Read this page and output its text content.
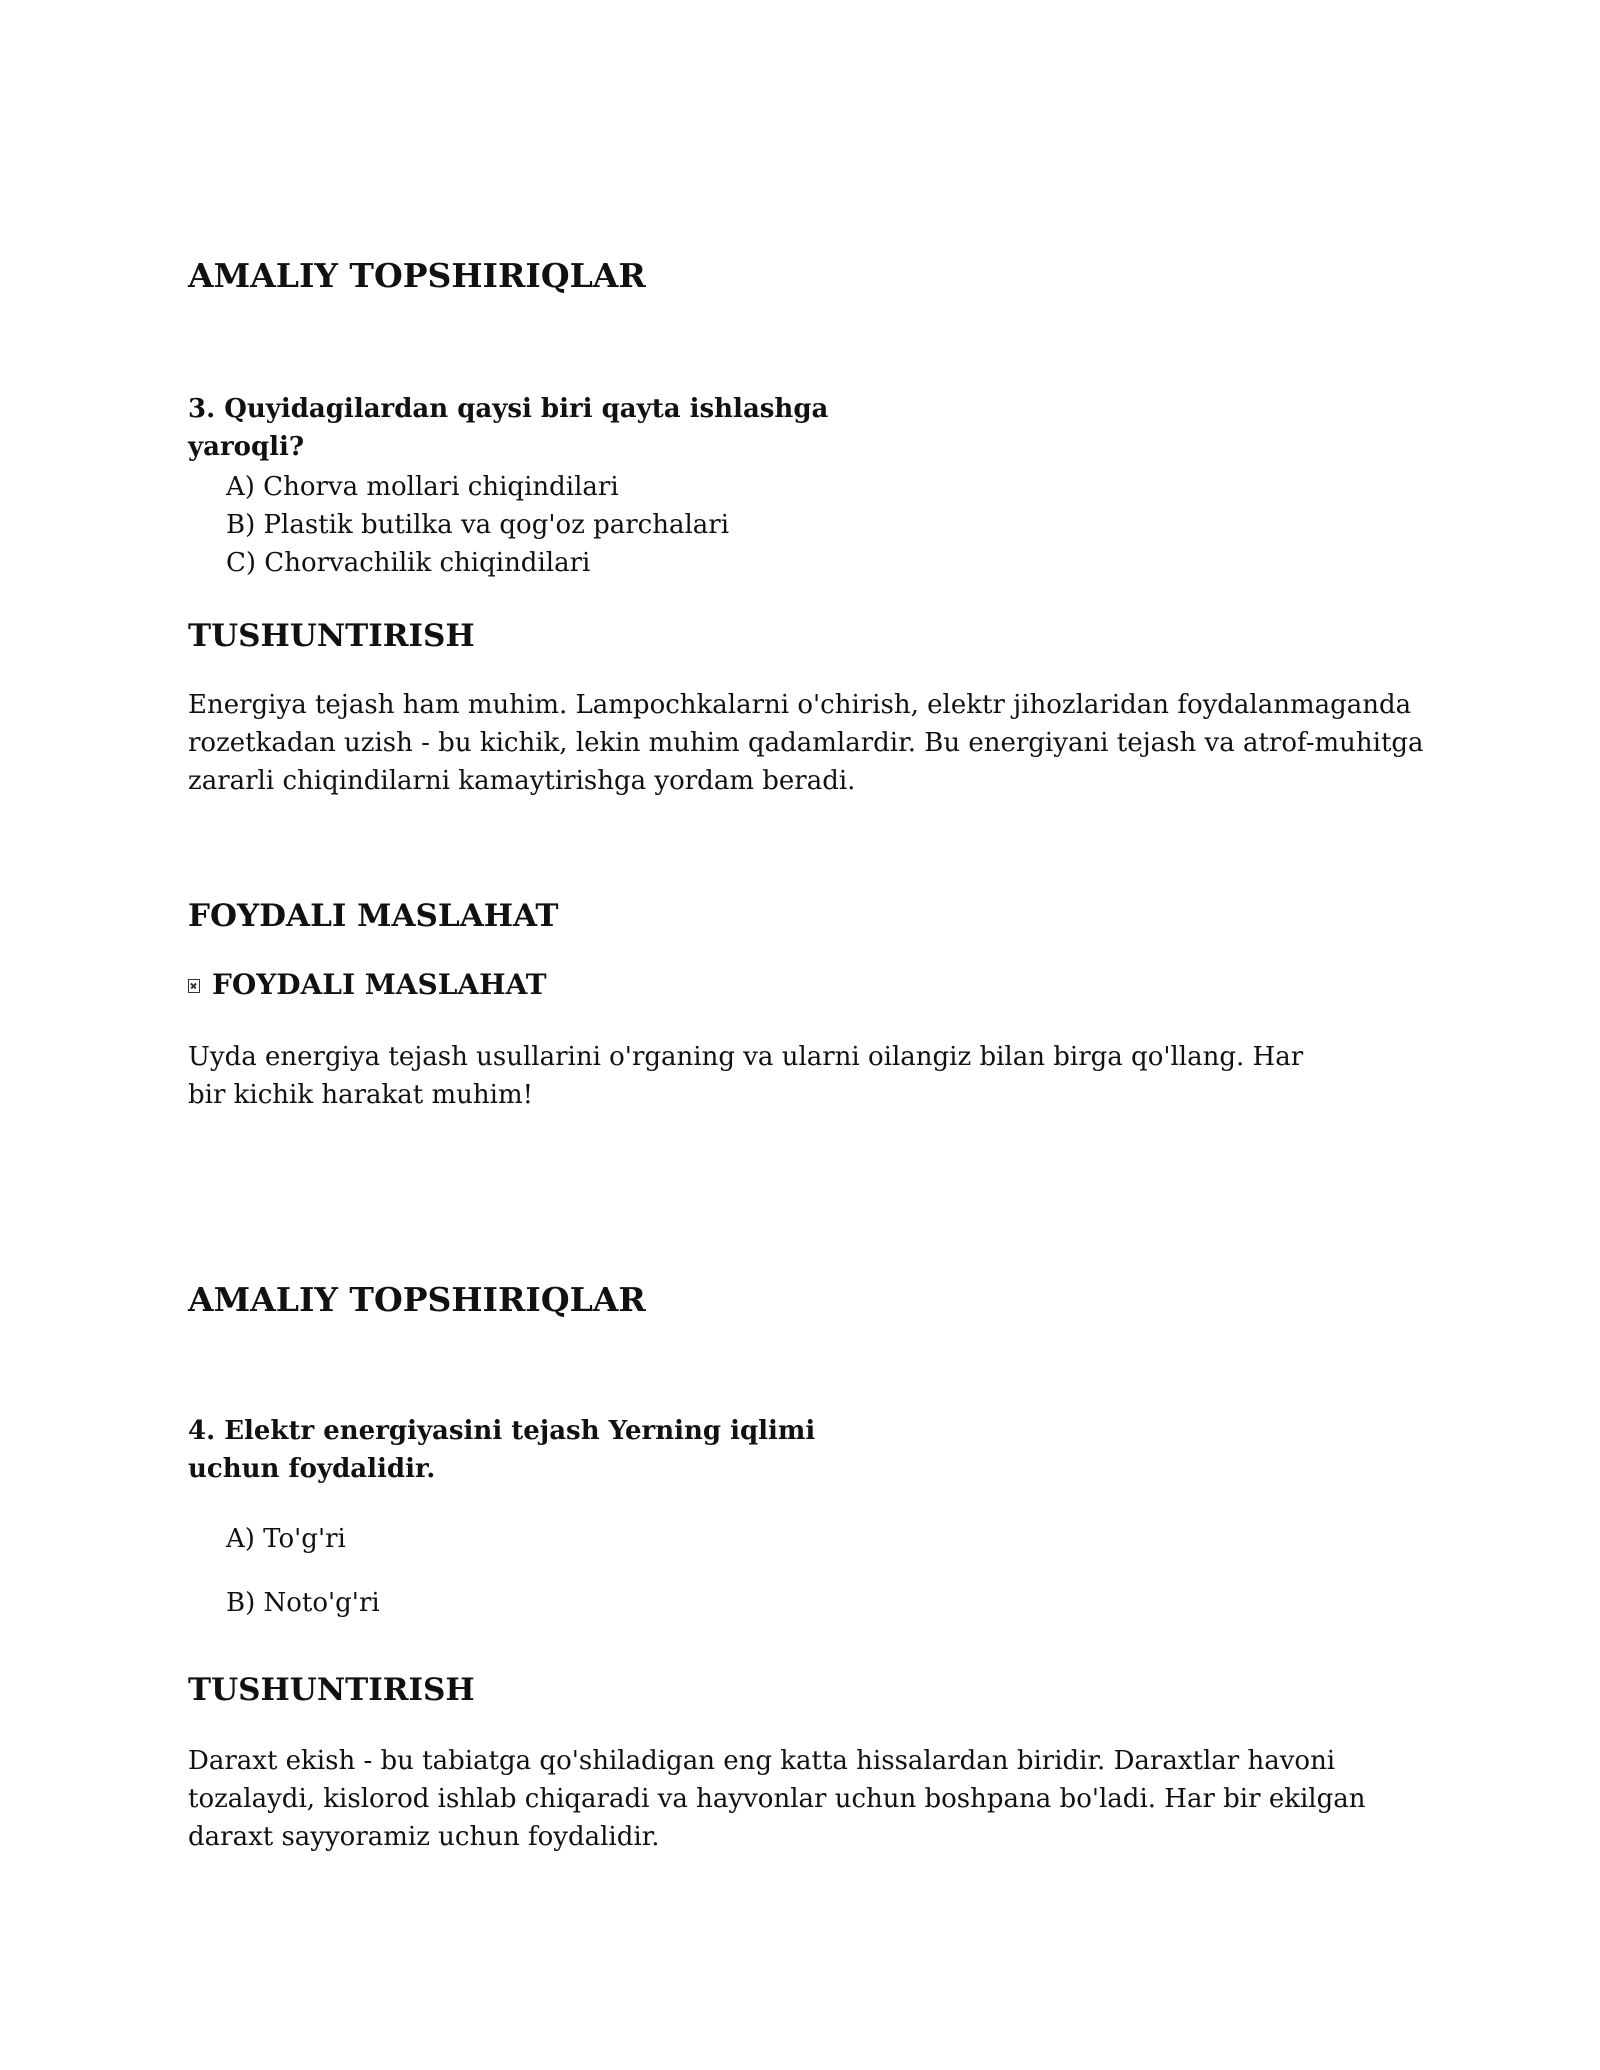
AMALIY TOPSHIRIQLAR
3. Quyidagilardan qaysi biri qayta ishlashga
yaroqli?
A) Chorva mollari chiqindilari
B) Plastik butilka va qog'oz parchalari
C) Chorvachilik chiqindilari
TUSHUNTIRISH

Energiya tejash ham muhim. Lampochkalarni o'chirish, elektr jihozlaridan foydalanmaganda rozetkadan uzish - bu kichik, lekin muhim qadamlardir. Bu energiyani tejash va atrof-muhitga zararli chiqindilarni kamaytirishga yordam beradi.

FOYDALI MASLAHAT
FOYDALI MASLAHAT

Uyda energiya tejash usullarini o'rganing va ularni oilangiz bilan birga qo'llang. Har bir kichik harakat muhim!

AMALIY TOPSHIRIQLAR
4. Elektr energiyasini tejash Yerning iqlimi
uchun foydalidir.
A) To'g'ri
B) Noto'g'ri
TUSHUNTIRISH

Daraxt ekish - bu tabiatga qo'shiladigan eng katta hissalardan biridir. Daraxtlar havoni tozalaydi, kislorod ishlab chiqaradi va hayvonlar uchun boshpana bo'ladi. Har bir ekilgan daraxt sayyoramiz uchun foydalidir.
